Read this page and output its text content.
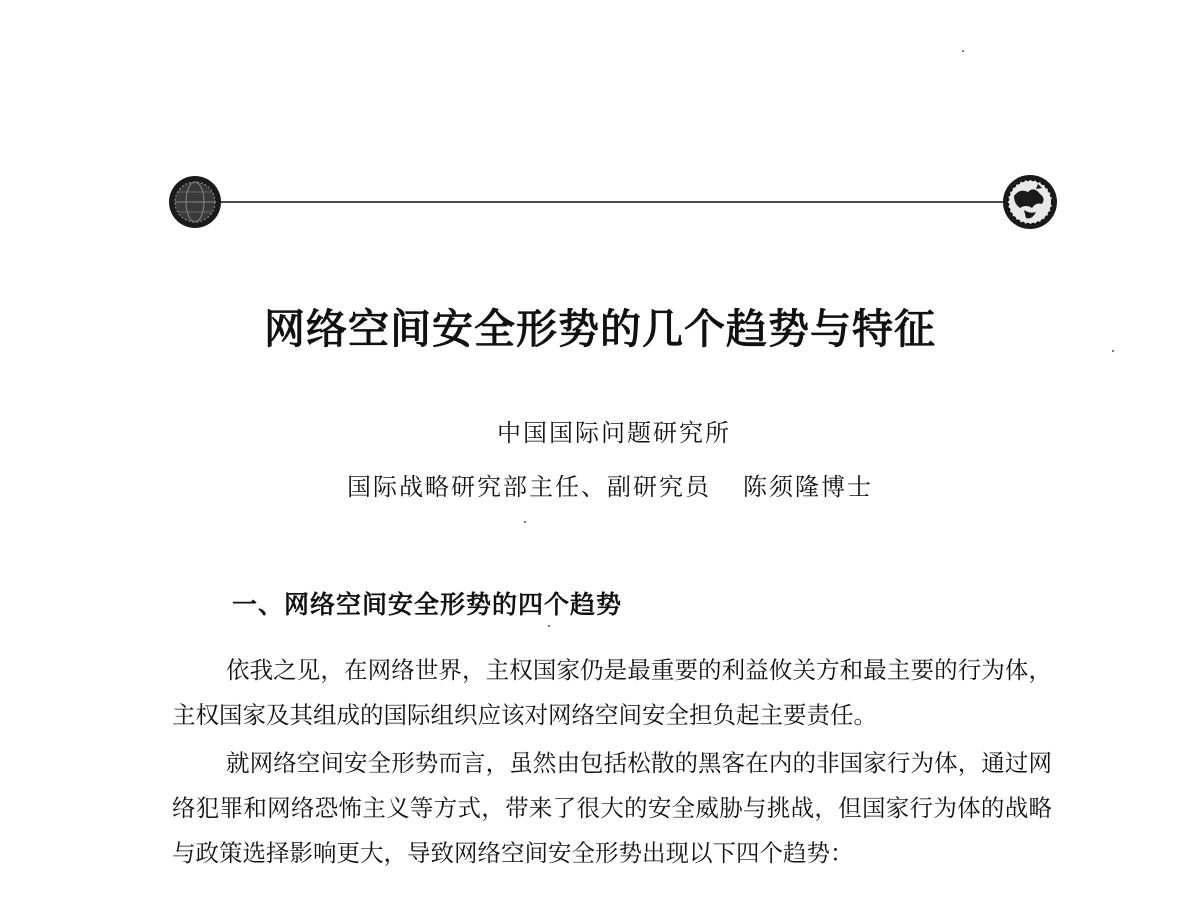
网络空间安全形势的几个趋势与特征
中国国际问题研究所
国际战略研究部主任、副研究员 陈须隆博士
一、网络空间安全形势的四个趋势

依我之见，在网络世界，主权国家仍是最重要的利益攸关方和最主要的行为体，主权国家及其组成的国际组织应该对网络空间安全担负起主要责任。

就网络空间安全形势而言，虽然由包括松散的黑客在内的非国家行为体，通过网络犯罪和网络恐怖主义等方式，带来了很大的安全威胁与挑战，但国家行为体的战略与政策选择影响更大，导致网络空间安全形势出现以下四个趋势：
